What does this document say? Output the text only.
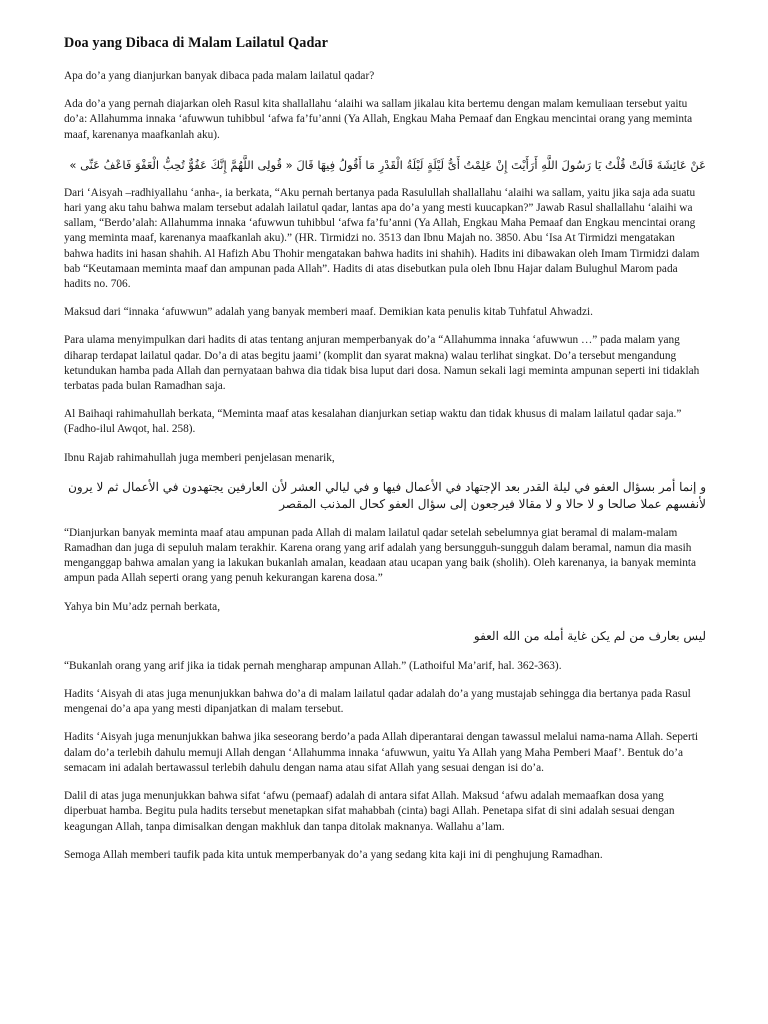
Doa yang Dibaca di Malam Lailatul Qadar

Apa do’a yang dianjurkan banyak dibaca pada malam lailatul qadar?

Ada do’a yang pernah diajarkan oleh Rasul kita shallallahu ‘alaihi wa sallam jikalau kita bertemu dengan malam kemuliaan tersebut yaitu do’a: Allahumma innaka ‘afuwwun tuhibbul ‘afwa fa’fu’anni (Ya Allah, Engkau Maha Pemaaf dan Engkau mencintai orang yang meminta maaf, karenanya maafkanlah aku).

عَنْ عَائِشَةَ قَالَتْ قُلْتُ يَا رَسُولَ اللَّهِ أَرَأَيْتَ إِنْ عَلِمْتُ أَىُّ لَيْلَةٍ لَيْلَةُ الْقَدْرِ مَا أَقُولُ فِيهَا قَالَ « قُولِى اللَّهُمَّ إِنَّكَ عَفُوٌّ تُحِبُّ الْعَفْوَ فَاعْفُ عَنِّى »

Dari ‘Aisyah –radhiyallahu ‘anha-, ia berkata, “Aku pernah bertanya pada Rasulullah shallallahu ‘alaihi wa sallam, yaitu jika saja ada suatu hari yang aku tahu bahwa malam tersebut adalah lailatul qadar, lantas apa do’a yang mesti kuucapkan?” Jawab Rasul shallallahu ‘alaihi wa sallam, “Berdo’alah: Allahumma innaka ‘afuwwun tuhibbul ‘afwa fa’fu’anni (Ya Allah, Engkau Maha Pemaaf dan Engkau mencintai orang yang meminta maaf, karenanya maafkanlah aku).” (HR. Tirmidzi no. 3513 dan Ibnu Majah no. 3850. Abu ‘Isa At Tirmidzi mengatakan bahwa hadits ini hasan shahih. Al Hafizh Abu Thohir mengatakan bahwa hadits ini shahih). Hadits ini dibawakan oleh Imam Tirmidzi dalam bab “Keutamaan meminta maaf dan ampunan pada Allah”. Hadits di atas disebutkan pula oleh Ibnu Hajar dalam Bulughul Marom pada hadits no. 706.

Maksud dari “innaka ‘afuwwun” adalah yang banyak memberi maaf. Demikian kata penulis kitab Tuhfatul Ahwadzi.

Para ulama menyimpulkan dari hadits di atas tentang anjuran memperbanyak do’a “Allahumma innaka ‘afuwwun …” pada malam yang diharap terdapat lailatul qadar. Do’a di atas begitu jaami’ (komplit dan syarat makna) walau terlihat singkat. Do’a tersebut mengandung ketundukan hamba pada Allah dan pernyataan bahwa dia tidak bisa luput dari dosa. Namun sekali lagi meminta ampunan seperti ini tidaklah terbatas pada bulan Ramadhan saja.

Al Baihaqi rahimahullah berkata, “Meminta maaf atas kesalahan dianjurkan setiap waktu dan tidak khusus di malam lailatul qadar saja.” (Fadho-ilul Awqot, hal. 258).

Ibnu Rajab rahimahullah juga memberi penjelasan menarik,

و إنما أمر بسؤال العفو في ليلة القدر بعد الإجتهاد في الأعمال فيها و في ليالي العشر لأن العارفين يجتهدون في الأعمال ثم لا يرون لأنفسهم عملا صالحا و لا حالا و لا مقالا فيرجعون إلى سؤال العفو كحال المذنب المقصر

“Dianjurkan banyak meminta maaf atau ampunan pada Allah di malam lailatul qadar setelah sebelumnya giat beramal di malam-malam Ramadhan dan juga di sepuluh malam terakhir. Karena orang yang arif adalah yang bersungguh-sungguh dalam beramal, namun dia masih menganggap bahwa amalan yang ia lakukan bukanlah amalan, keadaan atau ucapan yang baik (sholih). Oleh karenanya, ia banyak meminta ampun pada Allah seperti orang yang penuh kekurangan karena dosa.”

Yahya bin Mu’adz pernah berkata,

ليس بعارف من لم يكن غاية أمله من الله العفو

“Bukanlah orang yang arif jika ia tidak pernah mengharap ampunan Allah.” (Lathoiful Ma’arif, hal. 362-363).

Hadits ‘Aisyah di atas juga menunjukkan bahwa do’a di malam lailatul qadar adalah do’a yang mustajab sehingga dia bertanya pada Rasul mengenai do’a apa yang mesti dipanjatkan di malam tersebut.

Hadits ‘Aisyah juga menunjukkan bahwa jika seseorang berdo’a pada Allah diperantarai dengan tawassul melalui nama-nama Allah. Seperti dalam do’a terlebih dahulu memuji Allah dengan ‘Allahumma innaka ‘afuwwun, yaitu Ya Allah yang Maha Pemberi Maaf’. Bentuk do’a semacam ini adalah bertawassul terlebih dahulu dengan nama atau sifat Allah yang sesuai dengan isi do’a.

Dalil di atas juga menunjukkan bahwa sifat ‘afwu (pemaaf) adalah di antara sifat Allah. Maksud ‘afwu adalah memaafkan dosa yang diperbuat hamba. Begitu pula hadits tersebut menetapkan sifat mahabbah (cinta) bagi Allah. Penetapa sifat di sini adalah sesuai dengan keagungan Allah, tanpa dimisalkan dengan makhluk dan tanpa ditolak maknanya. Wallahu a’lam.

Semoga Allah memberi taufik pada kita untuk memperbanyak do’a yang sedang kita kaji ini di penghujung Ramadhan.
